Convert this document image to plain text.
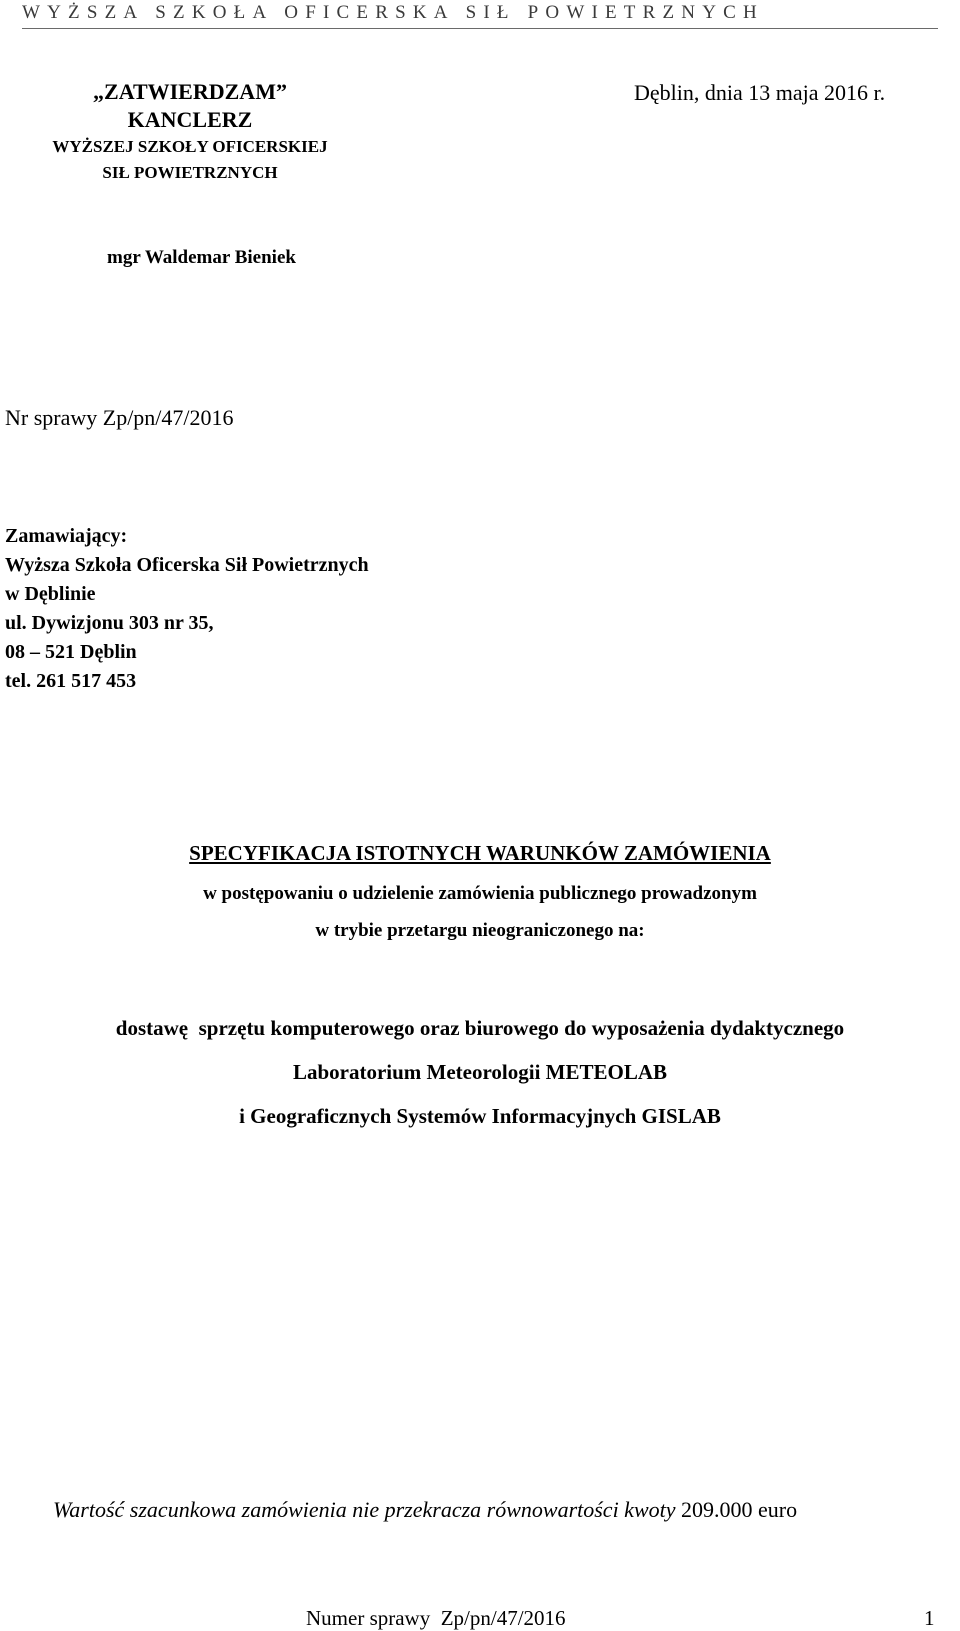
WYŻSZA SZKOŁA OFICERSKA SIŁ POWIETRZNYCH
„ZATWIERDZAM”
KANCLERZ
WYŻSZEJ SZKOŁY OFICERSKIEJ
SIŁ POWIETRZNYCH
Dęblin, dnia 13 maja 2016 r.
mgr Waldemar Bieniek
Nr sprawy Zp/pn/47/2016
Zamawiający:
Wyższa Szkoła Oficerska Sił Powietrznych
w Dęblinie
ul. Dywizjonu 303 nr 35,
08 – 521 Dęblin
tel. 261 517 453
SPECYFIKACJA ISTOTNYCH WARUNKÓW ZAMÓWIENIA
w postępowaniu o udzielenie zamówienia publicznego prowadzonym
w trybie przetargu nieograniczonego na:
dostawę  sprzętu komputerowego oraz biurowego do wyposażenia dydaktycznego
Laboratorium Meteorologii METEOLAB
i Geograficznych Systemów Informacyjnych GISLAB
Wartość szacunkowa zamówienia nie przekracza równowartości kwoty 209.000 euro
Numer sprawy  Zp/pn/47/2016	1
